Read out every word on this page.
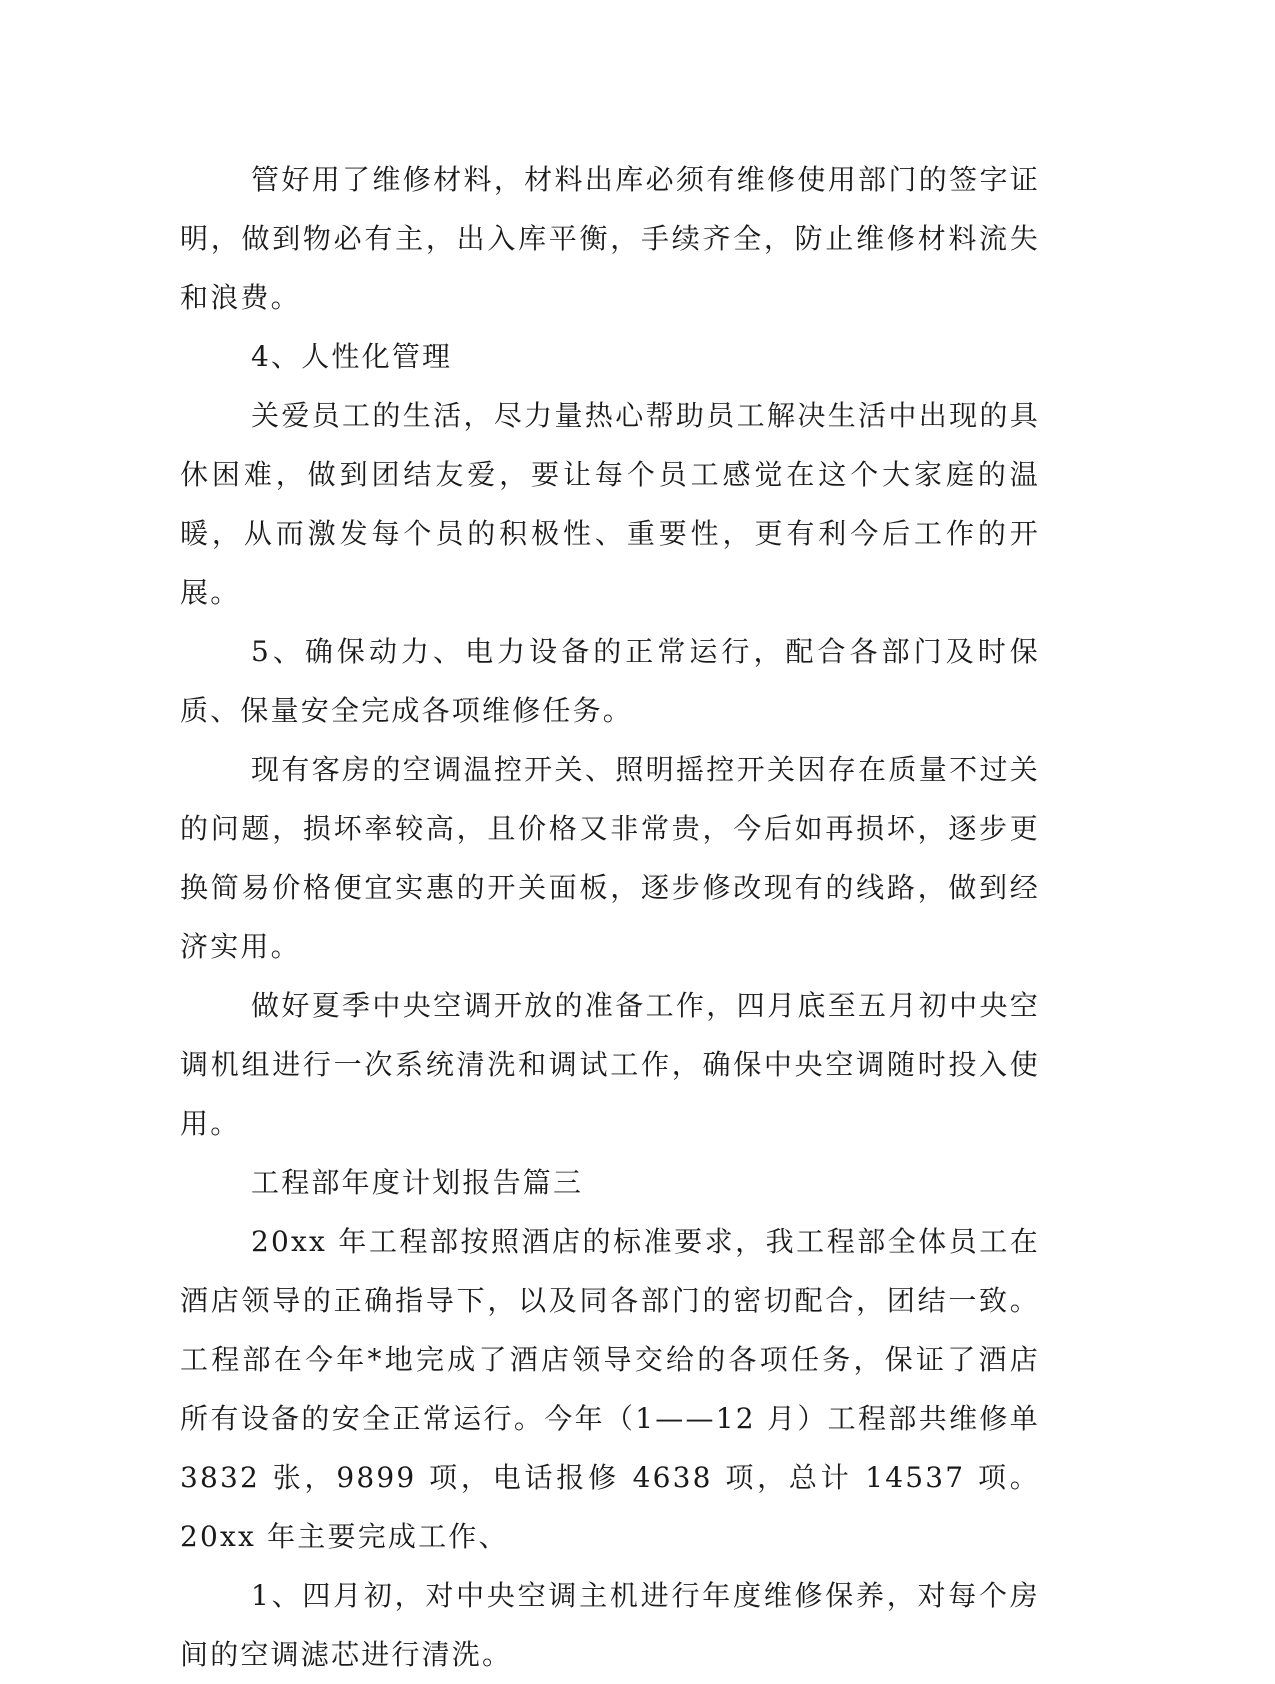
管好用了维修材料，材料出库必须有维修使用部门的签字证明，做到物必有主，出入库平衡，手续齐全，防止维修材料流失和浪费。

4、人性化管理

关爱员工的生活，尽力量热心帮助员工解决生活中出现的具休困难，做到团结友爱，要让每个员工感觉在这个大家庭的温暖，从而激发每个员的积极性、重要性，更有利今后工作的开展。

5、确保动力、电力设备的正常运行，配合各部门及时保质、保量安全完成各项维修任务。

现有客房的空调温控开关、照明摇控开关因存在质量不过关的问题，损坏率较高，且价格又非常贵，今后如再损坏，逐步更换简易价格便宜实惠的开关面板，逐步修改现有的线路，做到经济实用。

做好夏季中央空调开放的准备工作，四月底至五月初中央空调机组进行一次系统清洗和调试工作，确保中央空调随时投入使用。

工程部年度计划报告篇三

20xx 年工程部按照酒店的标准要求，我工程部全体员工在酒店领导的正确指导下，以及同各部门的密切配合，团结一致。工程部在今年*地完成了酒店领导交给的各项任务，保证了酒店所有设备的安全正常运行。今年（1——12 月）工程部共维修单 3832 张，9899 项，电话报修 4638 项，总计 14537 项。20xx 年主要完成工作、

1、四月初，对中央空调主机进行年度维修保养，对每个房间的空调滤芯进行清洗。
